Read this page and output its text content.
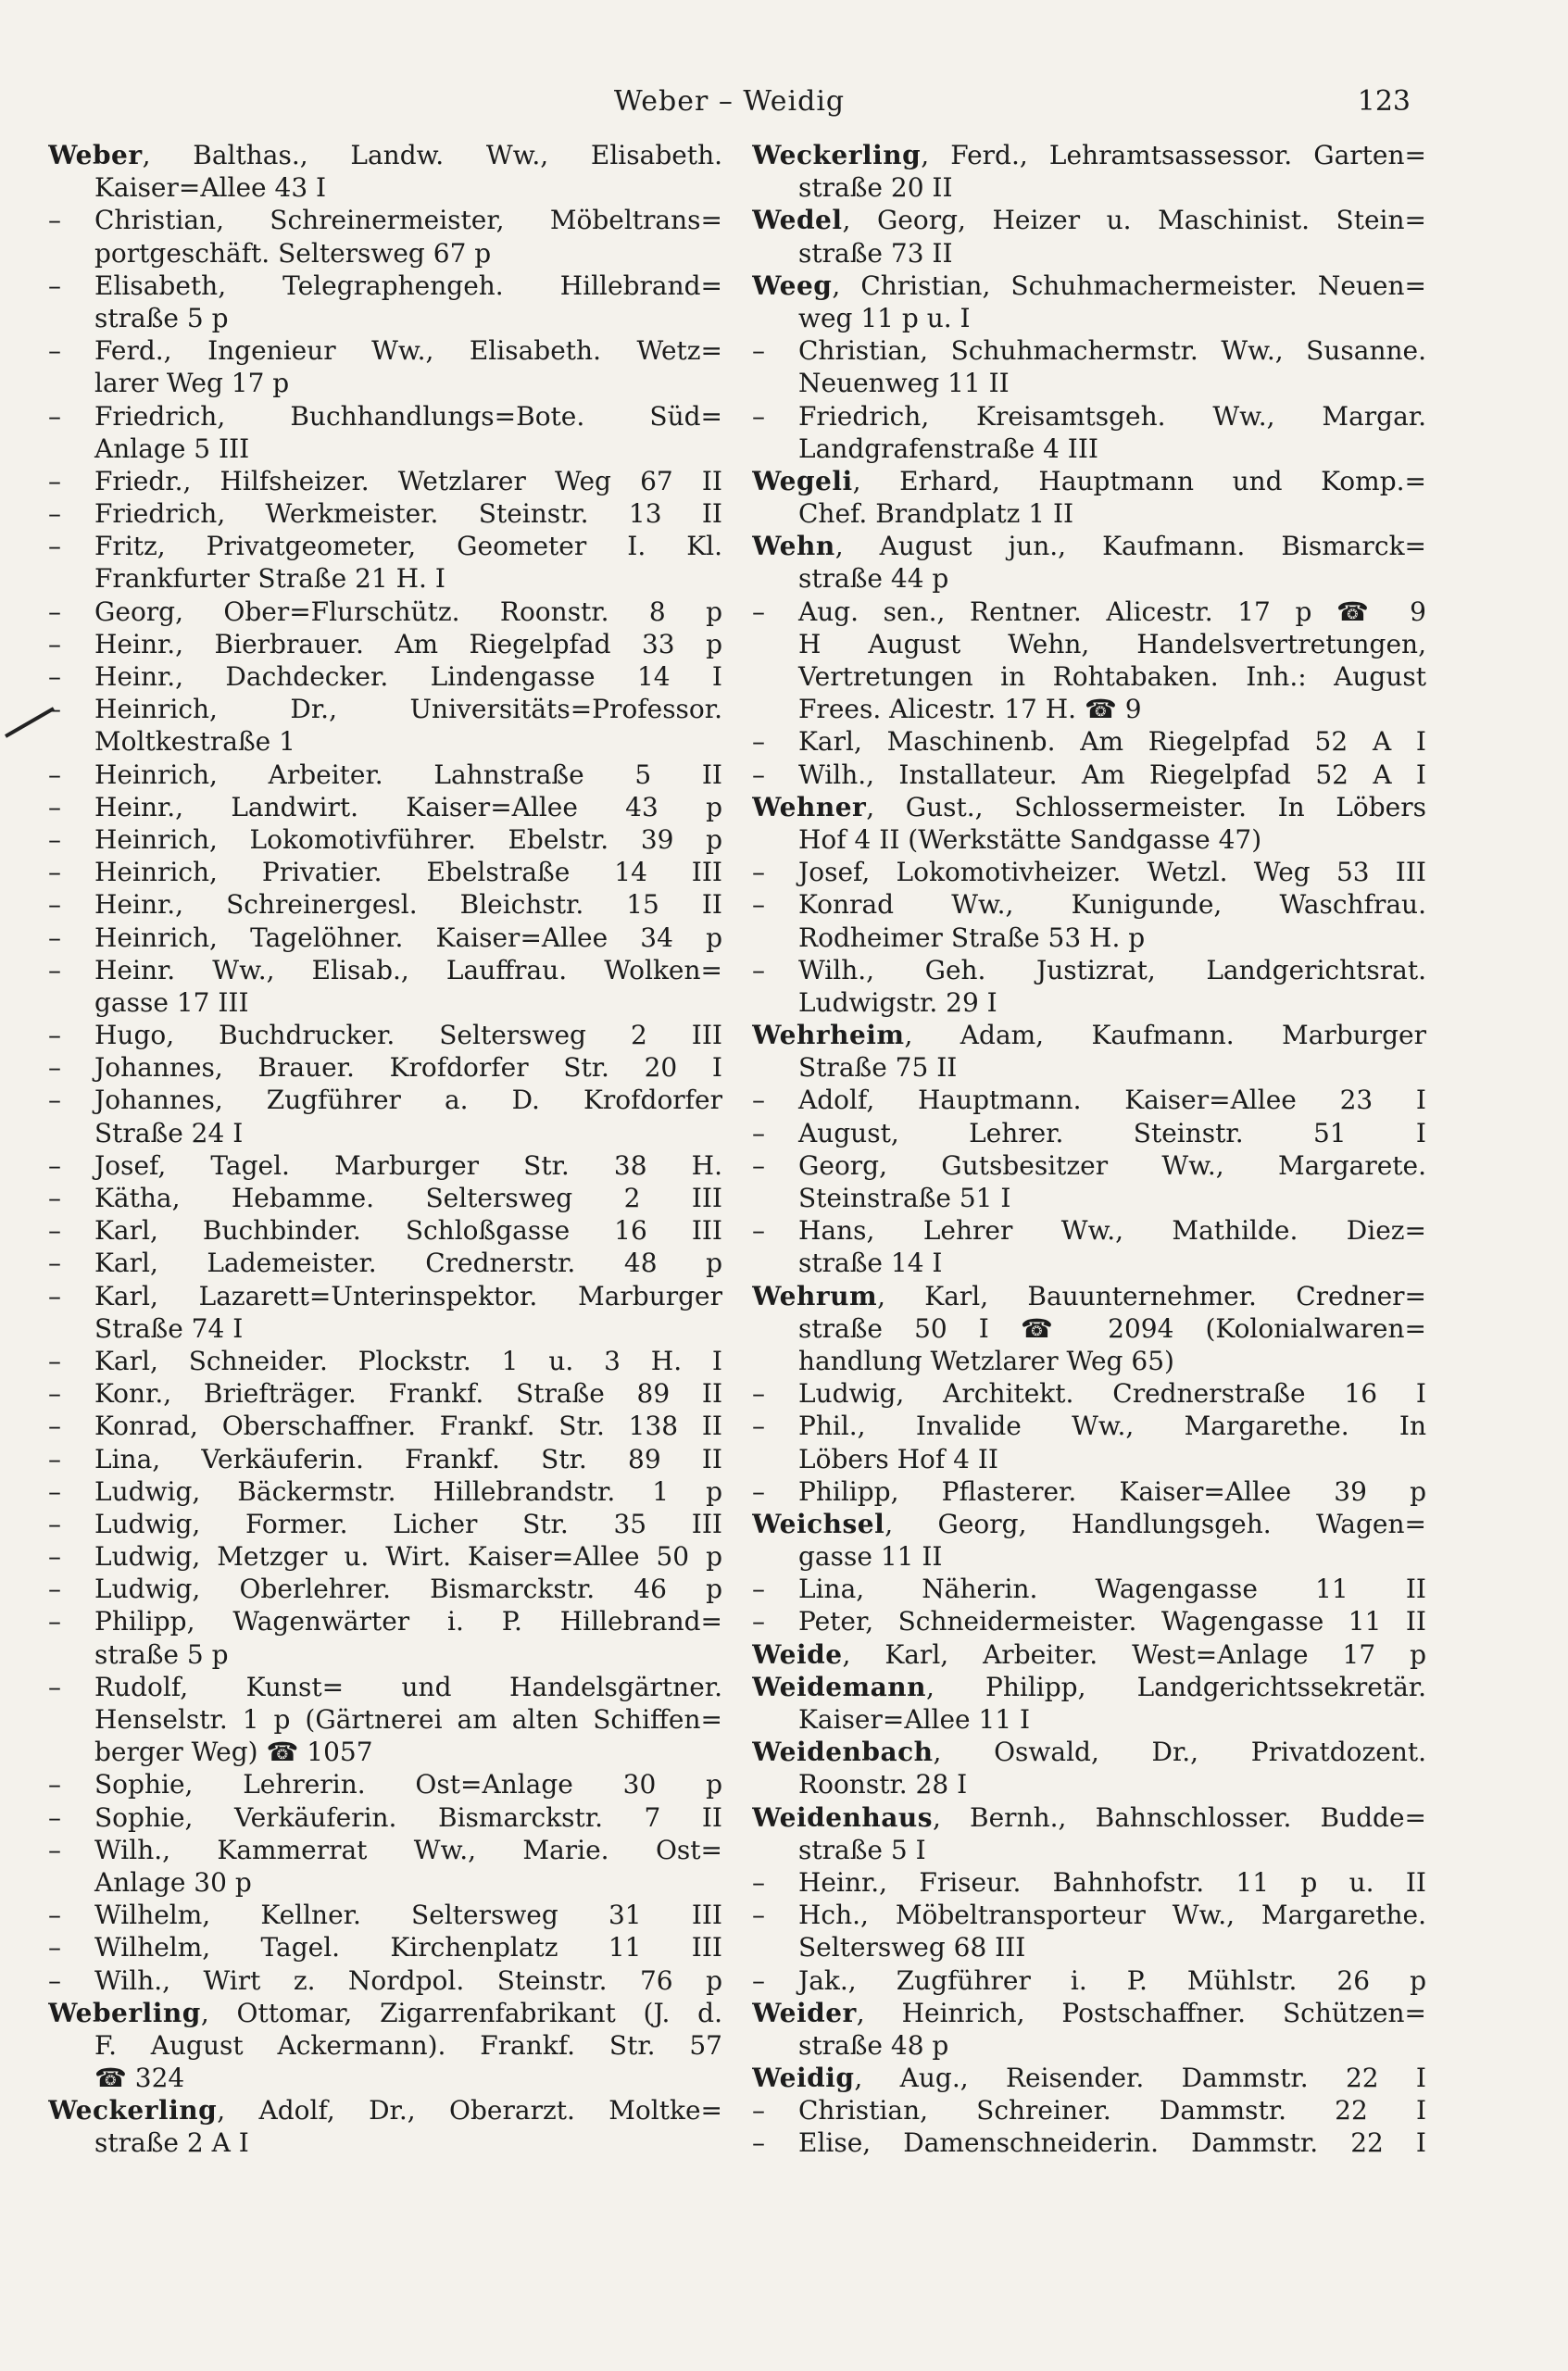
Weber – Weidig	123
Weber, Balthas., Landw. Ww., Elisabeth.
Kaiser=Allee 43 I
– Christian, Schreinermeister, Möbeltrans=
portgeschäft. Seltersweg 67 p
– Elisabeth, Telegraphengeh. Hillebrand=
straße 5 p
– Ferd., Ingenieur Ww., Elisabeth. Wetz=
larer Weg 17 p
– Friedrich, Buchhandlungs=Bote. Süd=
Anlage 5 III
– Friedr., Hilfsheizer. Wetzlarer Weg 67 II
– Friedrich, Werkmeister. Steinstr. 13 II
– Fritz, Privatgeometer, Geometer I. Kl.
Frankfurter Straße 21 H. I
– Georg, Ober=Flurschütz. Roonstr. 8 p
– Heinr., Bierbrauer. Am Riegelpfad 33 p
– Heinr., Dachdecker. Lindengasse 14 I
– Heinrich, Dr., Universitäts=Professor.
Moltkestraße 1
– Heinrich, Arbeiter. Lahnstraße 5 II
– Heinr., Landwirt. Kaiser=Allee 43 p
– Heinrich, Lokomotivführer. Ebelstr. 39 p
– Heinrich, Privatier. Ebelstraße 14 III
– Heinr., Schreinergesl. Bleichstr. 15 II
– Heinrich, Tagelöhner. Kaiser=Allee 34 p
– Heinr. Ww., Elisab., Lauffrau. Wolken=
gasse 17 III
– Hugo, Buchdrucker. Seltersweg 2 III
– Johannes, Brauer. Krofdorfer Str. 20 I
– Johannes, Zugführer a. D. Krofdorfer
Straße 24 I
– Josef, Tagel. Marburger Str. 38 H.
– Kätha, Hebamme. Seltersweg 2 III
– Karl, Buchbinder. Schloßgasse 16 III
– Karl, Lademeister. Crednerstr. 48 p
– Karl, Lazarett=Unterinspektor. Marburger
Straße 74 I
– Karl, Schneider. Plockstr. 1 u. 3 H. I
– Konr., Briefträger. Frankf. Straße 89 II
– Konrad, Oberschaffner. Frankf. Str. 138 II
– Lina, Verkäuferin. Frankf. Str. 89 II
– Ludwig, Bäckermstr. Hillebrandstr. 1 p
– Ludwig, Former. Licher Str. 35 III
– Ludwig, Metzger u. Wirt. Kaiser=Allee 50 p
– Ludwig, Oberlehrer. Bismarckstr. 46 p
– Philipp, Wagenwärter i. P. Hillebrand=
straße 5 p
– Rudolf, Kunst= und Handelsgärtner.
Henselstr. 1 p (Gärtnerei am alten Schiffen=
berger Weg) ☎ 1057
– Sophie, Lehrerin. Ost=Anlage 30 p
– Sophie, Verkäuferin. Bismarckstr. 7 II
– Wilh., Kammerrat Ww., Marie. Ost=
Anlage 30 p
– Wilhelm, Kellner. Seltersweg 31 III
– Wilhelm, Tagel. Kirchenplatz 11 III
– Wilh., Wirt z. Nordpol. Steinstr. 76 p
Weberling, Ottomar, Zigarrenfabrikant (J. d.
F. August Ackermann). Frankf. Str. 57
☎ 324
Weckerling, Adolf, Dr., Oberarzt. Moltke=
straße 2 A I
Weckerling, Ferd., Lehramtsassessor. Garten=
straße 20 II
Wedel, Georg, Heizer u. Maschinist. Stein=
straße 73 II
Weeg, Christian, Schuhmachermeister. Neuen=
weg 11 p u. I
– Christian, Schuhmachermstr. Ww., Susanne.
Neuenweg 11 II
– Friedrich, Kreisamtsgeh. Ww., Margar.
Landgrafenstraße 4 III
Wegeli, Erhard, Hauptmann und Komp.=
Chef. Brandplatz 1 II
Wehn, August jun., Kaufmann. Bismarck=
straße 44 p
– Aug. sen., Rentner. Alicestr. 17 p ☎ 9
H August Wehn, Handelsvertretungen,
Vertretungen in Rohtabaken. Inh.: August
Frees. Alicestr. 17 H. ☎ 9
– Karl, Maschinenb. Am Riegelpfad 52 A I
– Wilh., Installateur. Am Riegelpfad 52 A I
Wehner, Gust., Schlossermeister. In Löbers
Hof 4 II (Werkstätte Sandgasse 47)
– Josef, Lokomotivheizer. Wetzl. Weg 53 III
– Konrad Ww., Kunigunde, Waschfrau.
Rodheimer Straße 53 H. p
– Wilh., Geh. Justizrat, Landgerichtsrat.
Ludwigstr. 29 I
Wehrheim, Adam, Kaufmann. Marburger
Straße 75 II
– Adolf, Hauptmann. Kaiser=Allee 23 I
– August, Lehrer. Steinstr. 51 I
– Georg, Gutsbesitzer Ww., Margarete.
Steinstraße 51 I
– Hans, Lehrer Ww., Mathilde. Diez=
straße 14 I
Wehrum, Karl, Bauunternehmer. Credner=
straße 50 I ☎ 2094 (Kolonialwaren=
handlung Wetzlarer Weg 65)
– Ludwig, Architekt. Crednerstraße 16 I
– Phil., Invalide Ww., Margarethe. In
Löbers Hof 4 II
– Philipp, Pflasterer. Kaiser=Allee 39 p
Weichsel, Georg, Handlungsgeh. Wagen=
gasse 11 II
– Lina, Näherin. Wagengasse 11 II
– Peter, Schneidermeister. Wagengasse 11 II
Weide, Karl, Arbeiter. West=Anlage 17 p
Weidemann, Philipp, Landgerichtssekretär.
Kaiser=Allee 11 I
Weidenbach, Oswald, Dr., Privatdozent.
Roonstr. 28 I
Weidenhaus, Bernh., Bahnschlosser. Budde=
straße 5 I
– Heinr., Friseur. Bahnhofstr. 11 p u. II
– Hch., Möbeltransporteur Ww., Margarethe.
Seltersweg 68 III
– Jak., Zugführer i. P. Mühlstr. 26 p
Weider, Heinrich, Postschaffner. Schützen=
straße 48 p
Weidig, Aug., Reisender. Dammstr. 22 I
– Christian, Schreiner. Dammstr. 22 I
– Elise, Damenschneiderin. Dammstr. 22 I
